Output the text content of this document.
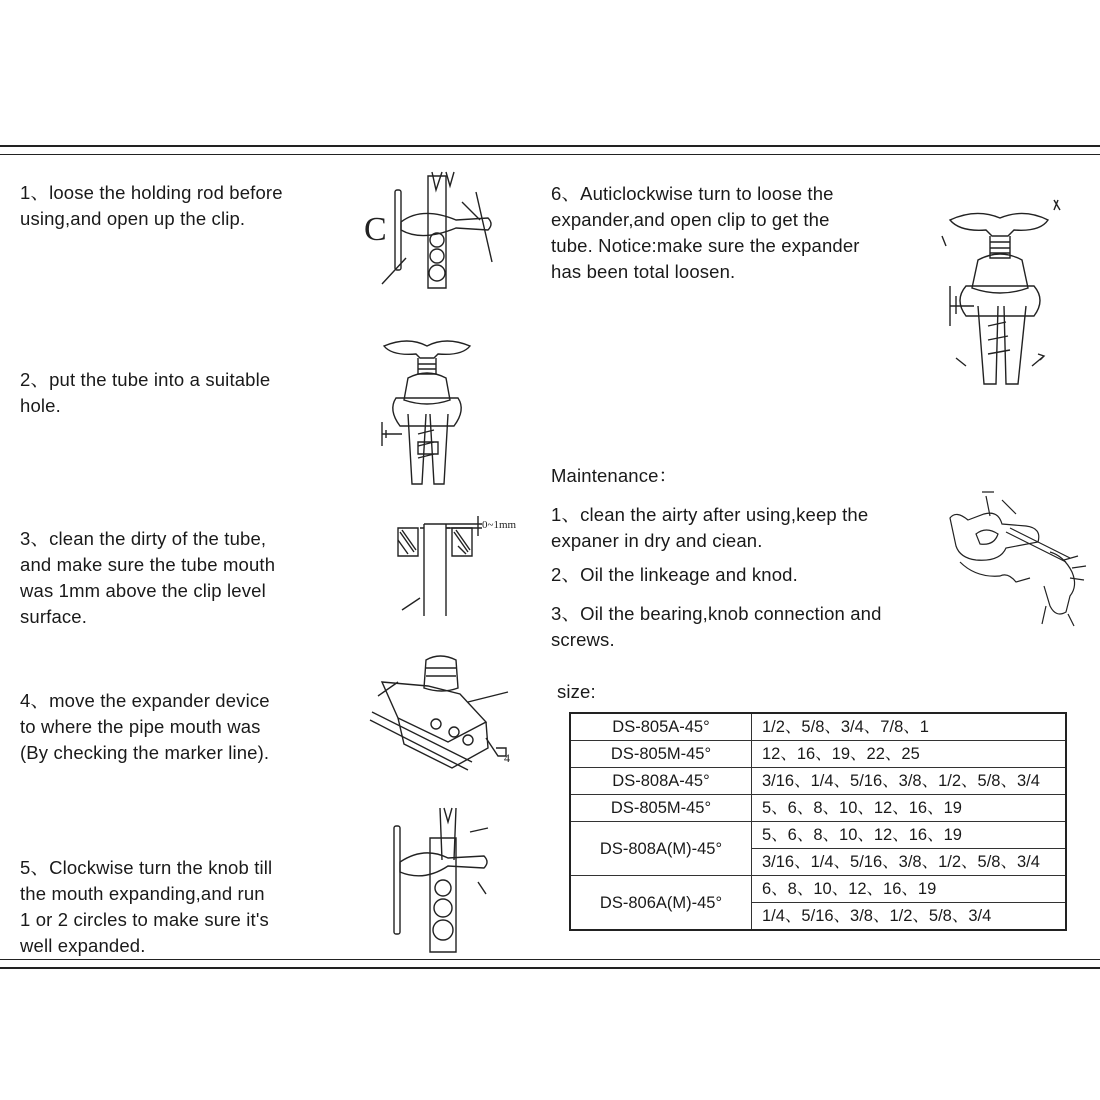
1、loose the holding rod before
using,and open up the clip.
2、put the tube into a suitable
hole.
3、clean the dirty of the tube,
and make sure the tube mouth
was 1mm above the clip level
surface.
4、move the expander device
to where the pipe mouth was
(By checking the marker line).
5、Clockwise turn the knob till
the mouth expanding,and run
1 or 2 circles to make sure it's
well expanded.
6、Auticlockwise turn to loose the
expander,and open clip to get the
tube. Notice:make sure the expander
has been total loosen.
Maintenance：
1、clean the airty after using,keep the
expaner in dry and ciean.
2、Oil the linkeage and knod.
3、Oil the bearing,knob connection and
screws.
size:
DS-805A-45°	1/2、5/8、3/4、7/8、1
DS-805M-45°	12、16、19、22、25
DS-808A-45°	3/16、1/4、5/16、3/8、1/2、5/8、3/4
DS-805M-45°	5、6、8、10、12、16、19
DS-808A(M)-45°	5、6、8、10、12、16、19
	3/16、1/4、5/16、3/8、1/2、5/8、3/4
DS-806A(M)-45°	6、8、10、12、16、19
	1/4、5/16、3/8、1/2、5/8、3/4
C
0~1mm
4
